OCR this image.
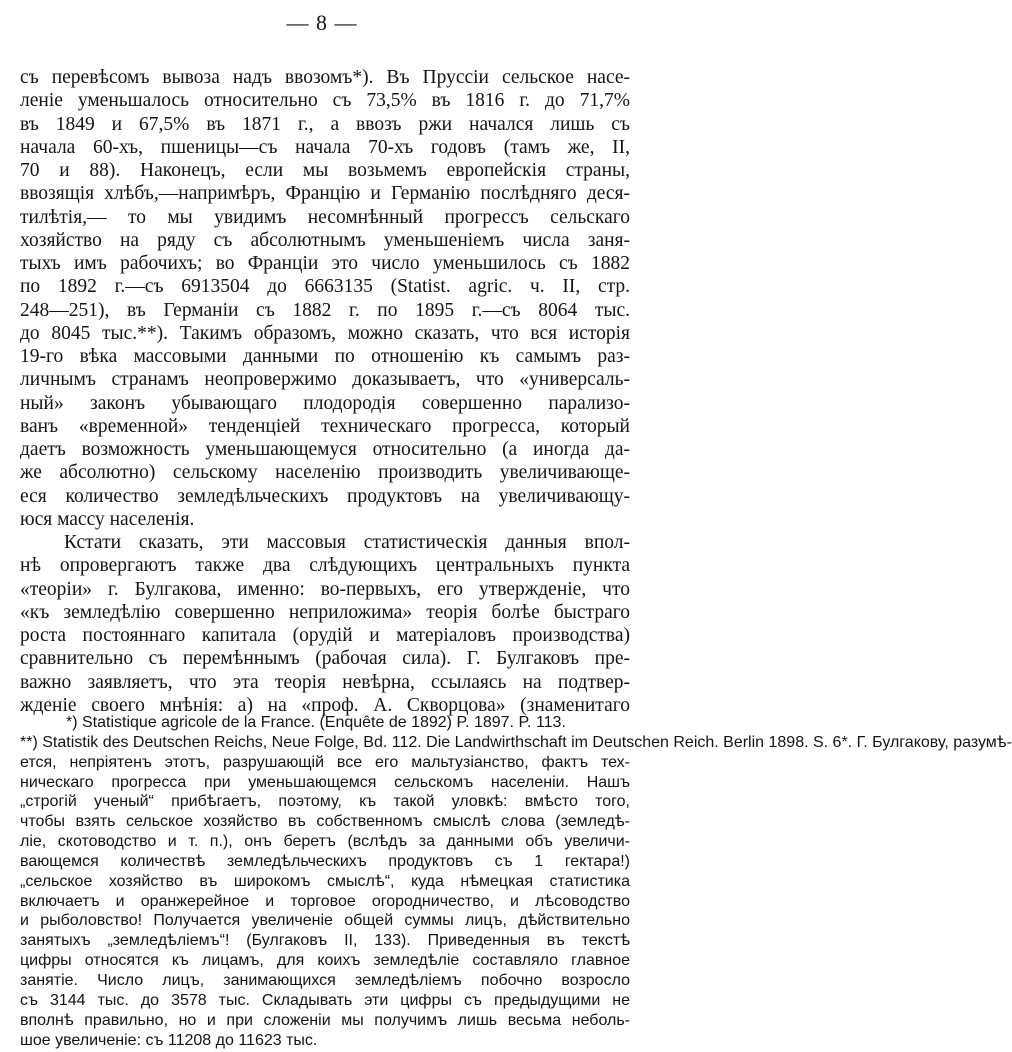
— 8 —
съ перевѣсомъ вывоза надъ ввозомъ*). Въ Пруссіи сельское насе-
ленiе уменьшалось относительно съ 73,5% въ 1816 г. до 71,7%
въ 1849 и 67,5% въ 1871 г., а ввозъ ржи начался лишь съ
начала 60-хъ, пшеницы—съ начала 70-хъ годовъ (тамъ же, II,
70 и 88). Наконецъ, если мы возьмемъ европейскія страны,
ввозящія хлѣбъ,—напримѣръ, Францію и Германію послѣдняго деся-
тилѣтія,— то мы увидимъ несомнѣнный прогрессъ сельскаго
хозяйство на ряду съ абсолютнымъ уменьшеніемъ числа заня-
тыхъ имъ рабочихъ; во Франціи это число уменьшилось съ 1882
по 1892 г.—съ 6913504 до 6663135 (Statist. agric. ч. II, стр.
248—251), въ Германіи съ 1882 г. по 1895 г.—съ 8064 тыс.
до 8045 тыс.**). Такимъ образомъ, можно сказать, что вся исторія
19-го вѣка массовыми данными по отношенію къ самымъ раз-
личнымъ странамъ неопровержимо доказываетъ, что «универсаль-
ный» законъ убывающаго плодородія совершенно парализо-
ванъ «временной» тенденціей техническаго прогресса, который
даетъ возможность уменьшающемуся относительно (а иногда да-
же абсолютно) сельскому населенію производить увеличивающе-
еся количество земледѣльческихъ продуктовъ на увеличивающу-
юся массу населенія.
Кстати сказать, эти массовыя статистическія данныя впол-
нѣ опровергаютъ также два слѣдующихъ центральныхъ пункта
«теоріи» г. Булгакова, именно: во-первыхъ, его утвержденіе, что
«къ земледѣлію совершенно неприложима» теорія болѣе быстраго
роста постояннаго капитала (орудій и матеріаловъ производства)
сравнительно съ перемѣннымъ (рабочая сила). Г. Булгаковъ пре-
важно заявляетъ, что эта теорія невѣрна, ссылаясь на подтвер-
жденіе своего мнѣнія: а) на «проф. А. Скворцова» (знаменитаго
*) Statistique agricole de la France. (Enquête de 1892) P. 1897. P. 113.
**) Statistik des Deutschen Reichs, Neue Folge, Bd. 112. Die Landwirthschaft im Deutschen Reich. Berlin 1898. S. 6*. Г. Булгакову, разумѣ-
ется, непріятенъ этотъ, разрушающій все его мальтузіанство, фактъ тех-
ническаго прогресса при уменьшающемся сельскомъ населеніи. Нашъ
„строгій ученый“ прибѣгаетъ, поэтому, къ такой уловкѣ: вмѣсто того,
чтобы взять сельское хозяйство въ собственномъ смыслѣ слова (земледѣ-
ліе, скотоводство и т. п.), онъ беретъ (вслѣдъ за данными объ увеличи-
вающемся количествѣ земледѣльческихъ продуктовъ съ 1 гектара!)
„сельское хозяйство въ широкомъ смыслѣ“, куда нѣмецкая статистика
включаетъ и оранжерейное и торговое огородничество, и лѣсоводство
и рыболовство! Получается увеличеніе общей суммы лицъ, дѣйствительно
занятыхъ „земледѣліемъ“! (Булгаковъ II, 133). Приведенныя въ текстѣ
цифры относятся къ лицамъ, для коихъ земледѣліе составляло главное
занятіе. Число лицъ, занимающихся земледѣліемъ побочно возросло
съ 3144 тыс. до 3578 тыс. Складывать эти цифры съ предыдущими не
вполнѣ правильно, но и при сложеніи мы получимъ лишь весьма неболь-
шое увеличеніе: съ 11208 до 11623 тыс.
